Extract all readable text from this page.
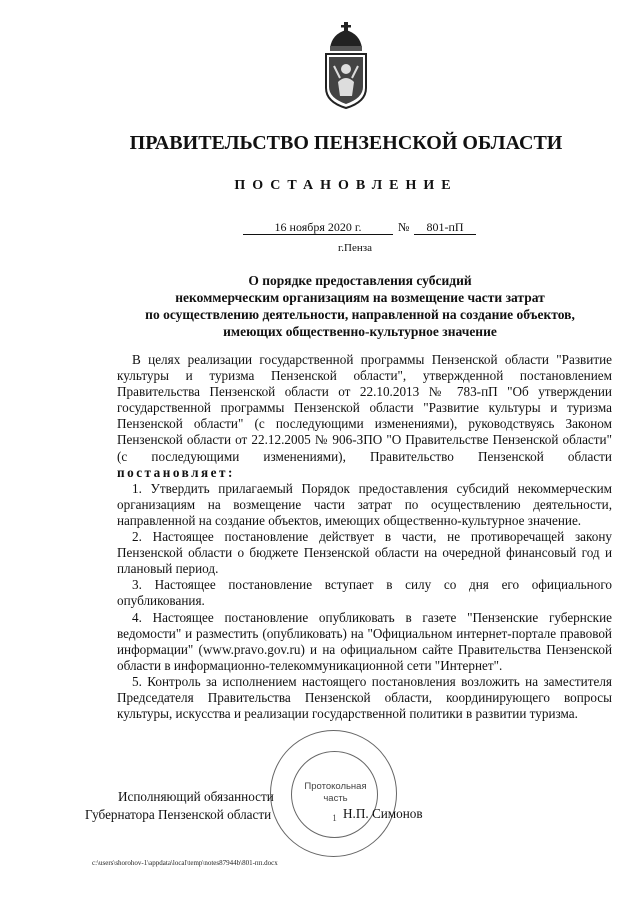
ПРАВИТЕЛЬСТВО ПЕНЗЕНСКОЙ ОБЛАСТИ
ПОСТАНОВЛЕНИЕ
16 ноября 2020 г.	№	801-пП
г.Пенза
О порядке предоставления субсидий
некоммерческим организациям на возмещение части затрат
по осуществлению деятельности, направленной на создание объектов,
имеющих общественно-культурное значение

В целях реализации государственной программы Пензенской области "Развитие культуры и туризма Пензенской области", утвержденной постановлением Правительства Пензенской области от 22.10.2013 № 783-пП "Об утверждении государственной программы Пензенской области "Развитие культуры и туризма Пензенской области" (с последующими изменениями), руководствуясь Законом Пензенской области от 22.12.2005 № 906-ЗПО "О Правительстве Пензенской области" (с последующими изменениями), Правительство Пензенской области постановляет:

1. Утвердить прилагаемый Порядок предоставления субсидий некоммерческим организациям на возмещение части затрат по осуществлению деятельности, направленной на создание объектов, имеющих общественно-культурное значение.

2. Настоящее постановление действует в части, не противоречащей закону Пензенской области о бюджете Пензенской области на очередной финансовый год и плановый период.

3. Настоящее постановление вступает в силу со дня его официального опубликования.

4. Настоящее постановление опубликовать в газете "Пензенские губернские ведомости" и разместить (опубликовать) на "Официальном интернет-портале правовой информации" (www.pravo.gov.ru) и на официальном сайте Правительства Пензенской области в информационно-телекоммуникационной сети "Интернет".

5. Контроль за исполнением настоящего постановления возложить на заместителя Председателя Правительства Пензенской области, координирующего вопросы культуры, искусства и реализации государственной политики в развитии туризма.

Протокольная
часть
1
Исполняющий обязанности
Губернатора Пензенской области	Н.П. Симонов
c:\users\shorohov-1\appdata\local\temp\notes87944b\801-пп.docx
